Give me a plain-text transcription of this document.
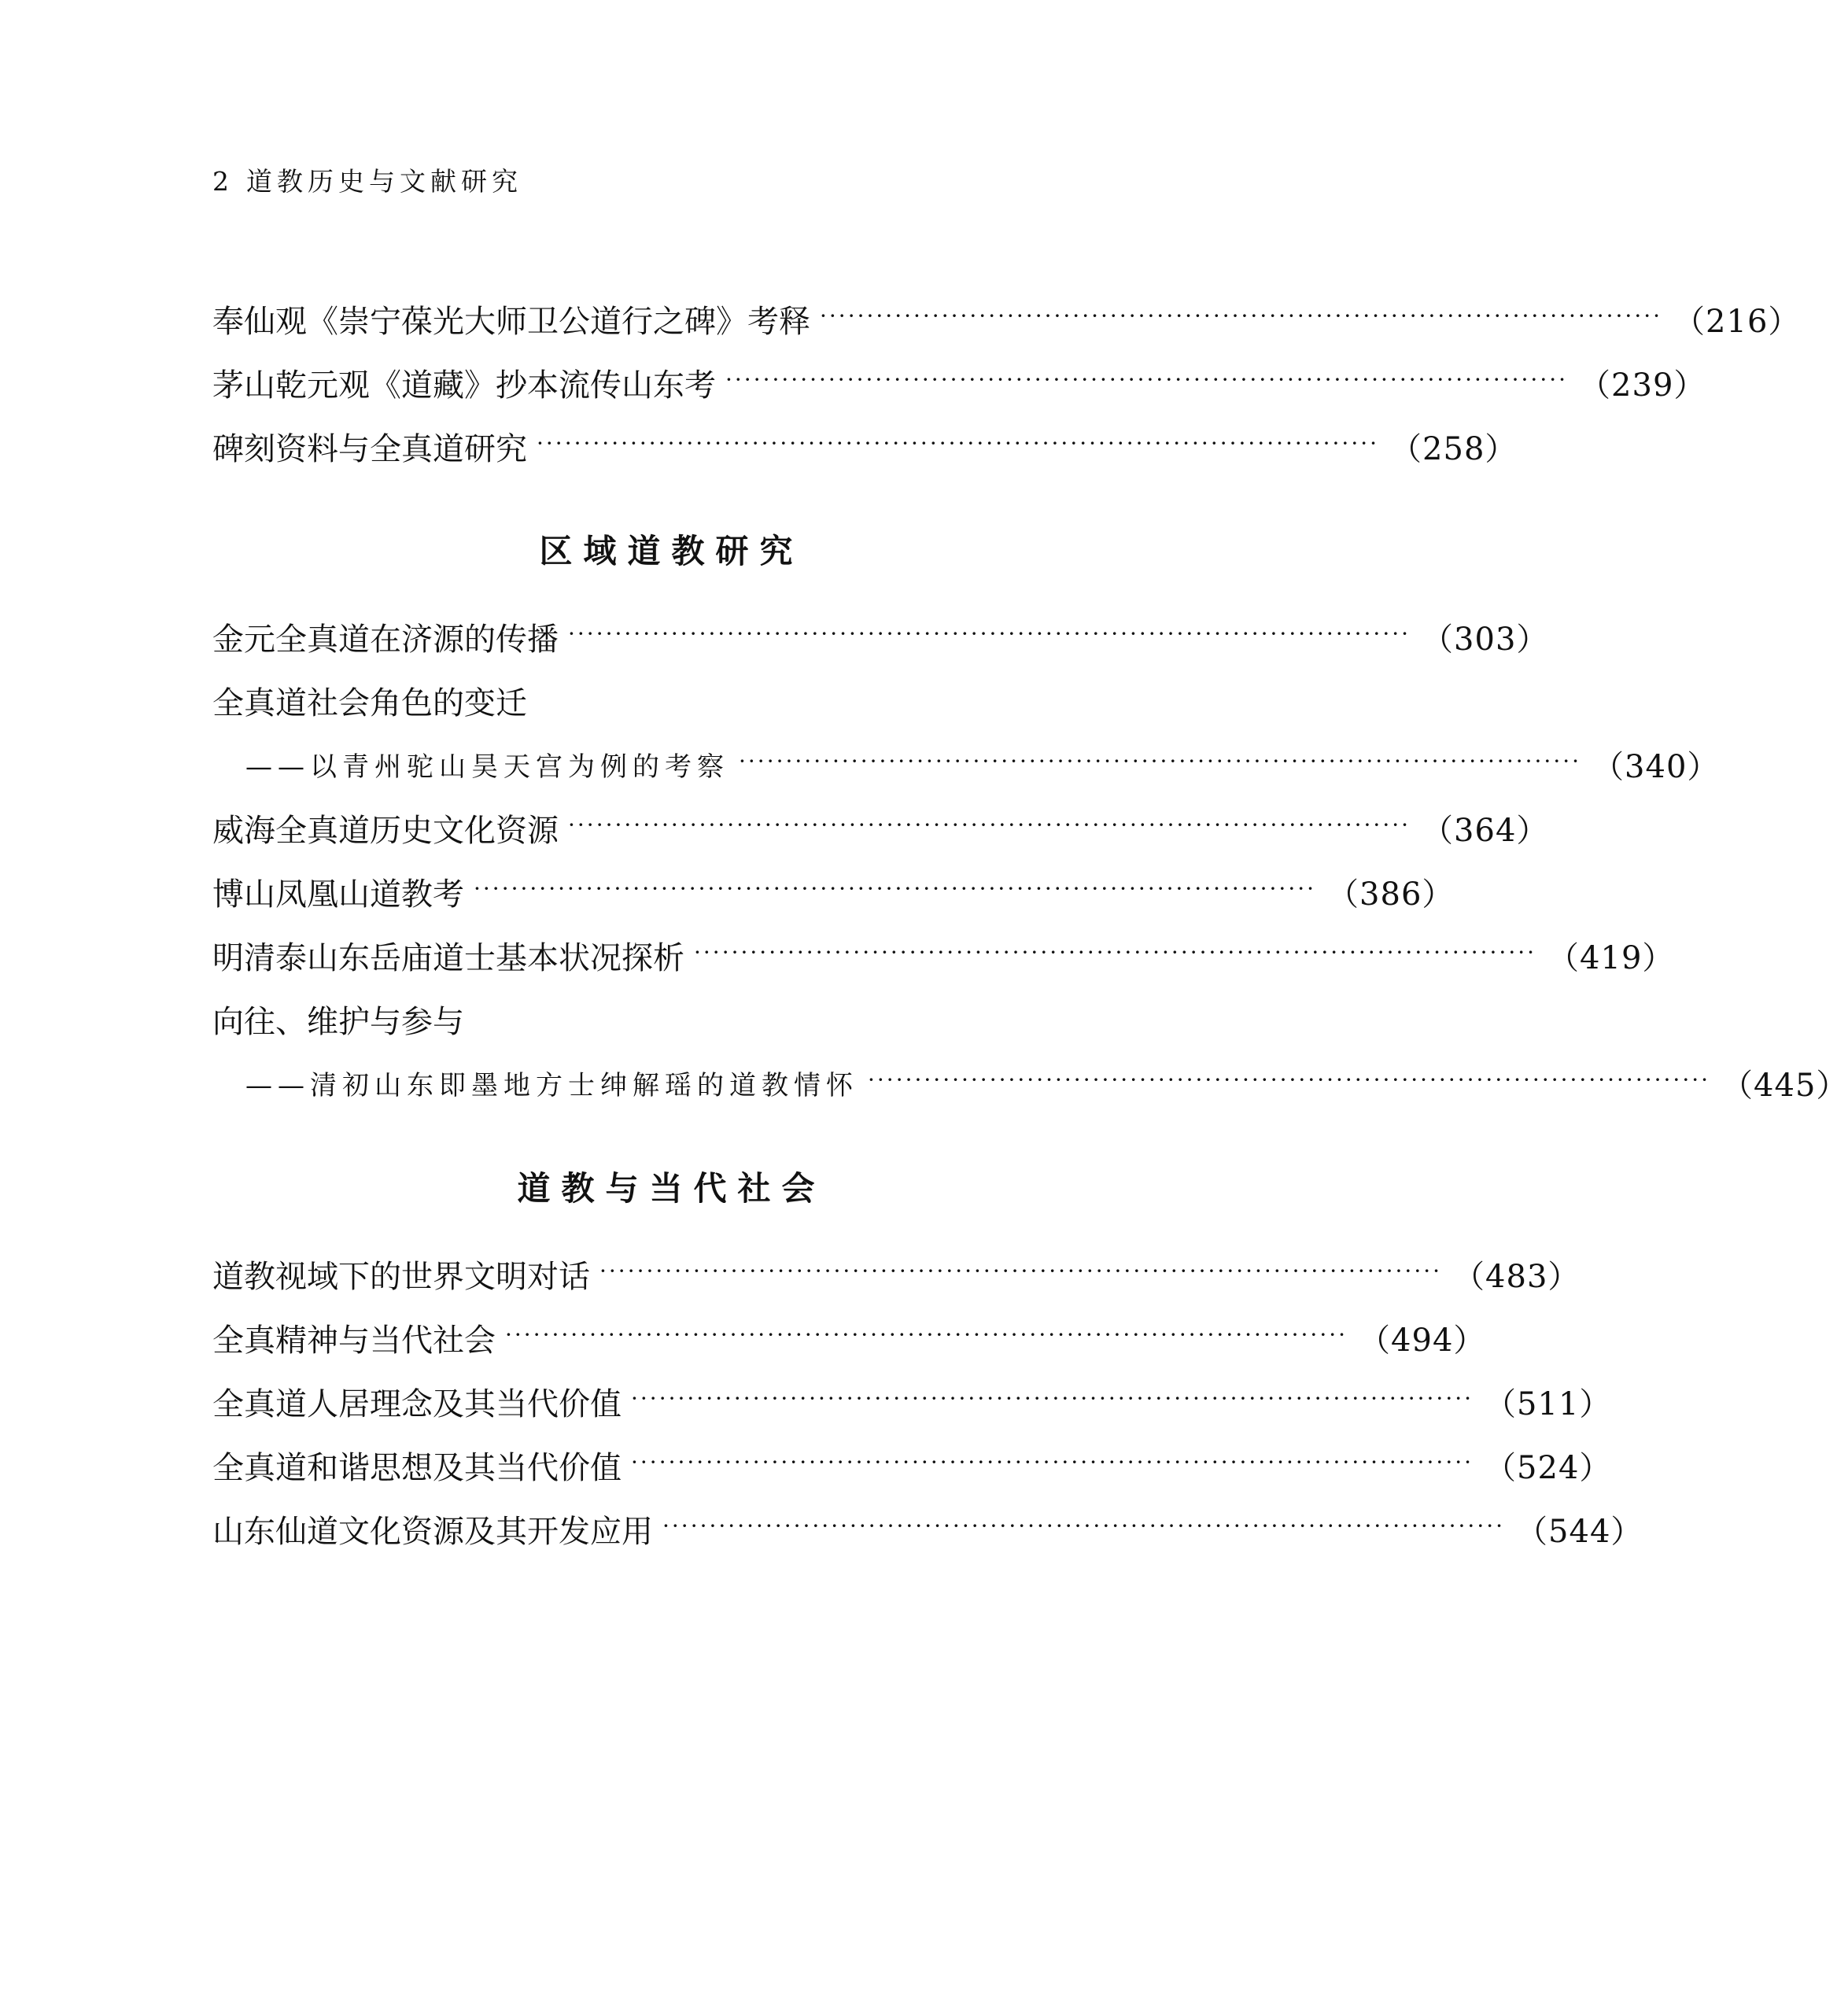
2 道教历史与文献研究
奉仙观《崇宁葆光大师卫公道行之碑》考释 ·························································································· （216）
茅山乾元观《道藏》抄本流传山东考 ·························································································· （239）
碑刻资料与全真道研究 ·························································································· （258）
区域道教研究
金元全真道在济源的传播 ·························································································· （303）
全真道社会角色的变迁
——以青州驼山昊天宫为例的考察 ·························································································· （340）
威海全真道历史文化资源 ·························································································· （364）
博山凤凰山道教考 ·························································································· （386）
明清泰山东岳庙道士基本状况探析 ·························································································· （419）
向往、维护与参与
——清初山东即墨地方士绅解瑶的道教情怀 ·························································································· （445）
道教与当代社会
道教视域下的世界文明对话 ·························································································· （483）
全真精神与当代社会 ·························································································· （494）
全真道人居理念及其当代价值 ·························································································· （511）
全真道和谐思想及其当代价值 ·························································································· （524）
山东仙道文化资源及其开发应用 ·························································································· （544）
